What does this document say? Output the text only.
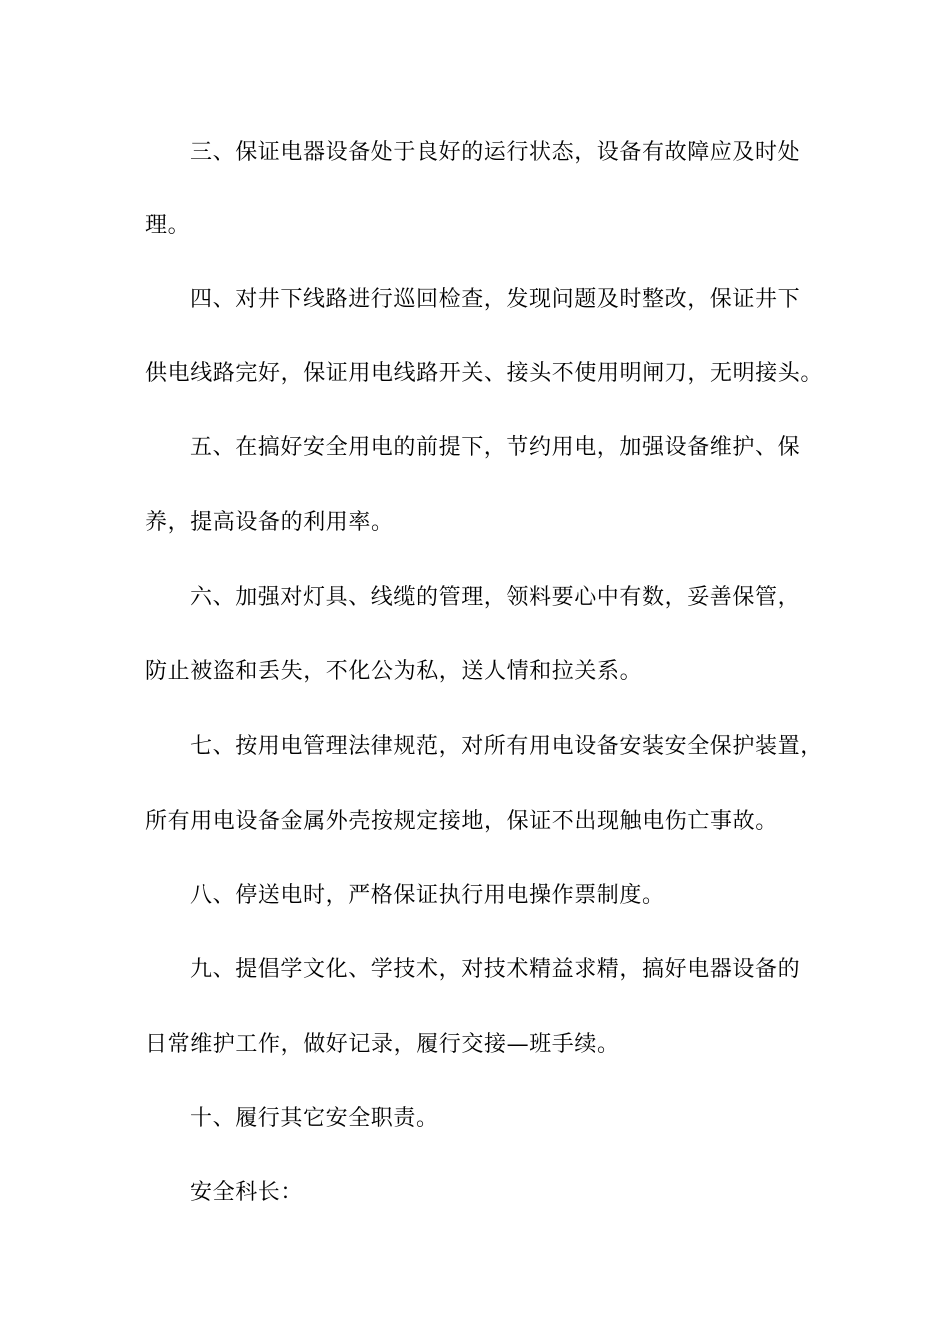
三、保证电器设备处于良好的运行状态，设备有故障应及时处
理。
四、对井下线路进行巡回检查，发现问题及时整改，保证井下
供电线路完好，保证用电线路开关、接头不使用明闸刀，无明接头。
五、在搞好安全用电的前提下，节约用电，加强设备维护、保
养，提高设备的利用率。
六、加强对灯具、线缆的管理，领料要心中有数，妥善保管，
防止被盗和丢失，不化公为私，送人情和拉关系。
七、按用电管理法律规范，对所有用电设备安装安全保护装置，
所有用电设备金属外壳按规定接地，保证不出现触电伤亡事故。
八、停送电时，严格保证执行用电操作票制度。
九、提倡学文化、学技术，对技术精益求精，搞好电器设备的
日常维护工作，做好记录，履行交接—班手续。
十、履行其它安全职责。
安全科长：
